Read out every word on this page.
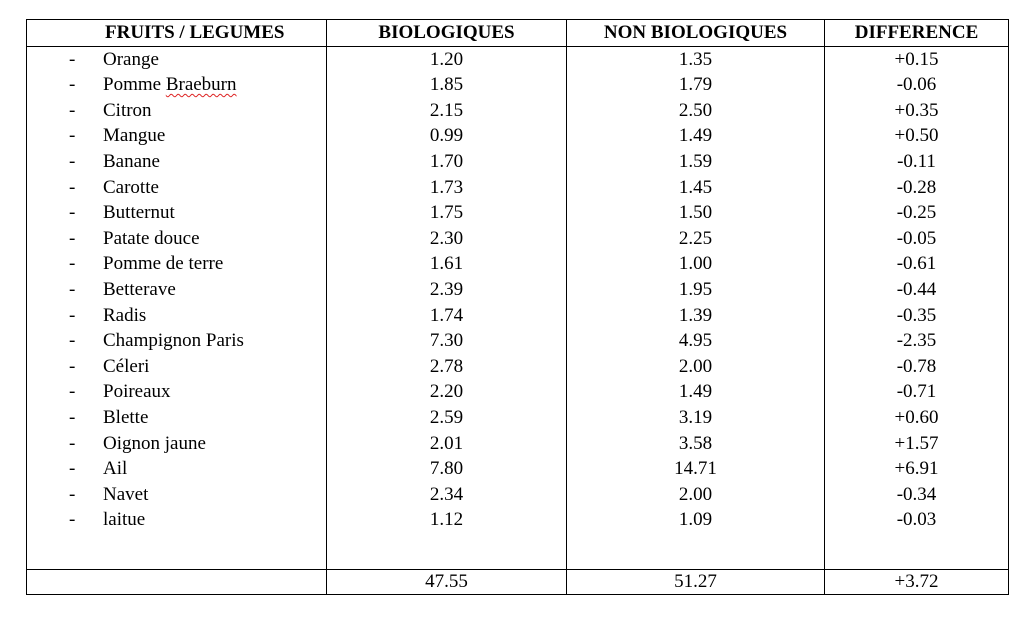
FRUITS / LEGUMES	BIOLOGIQUES	NON BIOLOGIQUES	DIFFERENCE

- Orange	1.20	1.35	+0.15

- Pomme Braeburn	1.85	1.79	-0.06

- Citron	2.15	2.50	+0.35

- Mangue	0.99	1.49	+0.50

- Banane	1.70	1.59	-0.11

- Carotte	1.73	1.45	-0.28

- Butternut	1.75	1.50	-0.25

- Patate douce	2.30	2.25	-0.05

- Pomme de terre	1.61	1.00	-0.61

- Betterave	2.39	1.95	-0.44

- Radis	1.74	1.39	-0.35

- Champignon Paris	7.30	4.95	-2.35

- Céleri	2.78	2.00	-0.78

- Poireaux	2.20	1.49	-0.71

- Blette	2.59	3.19	+0.60

- Oignon jaune	2.01	3.58	+1.57

- Ail	7.80	14.71	+6.91

- Navet	2.34	2.00	-0.34

- laitue	1.12	1.09	-0.03

	47.55	51.27	+3.72
